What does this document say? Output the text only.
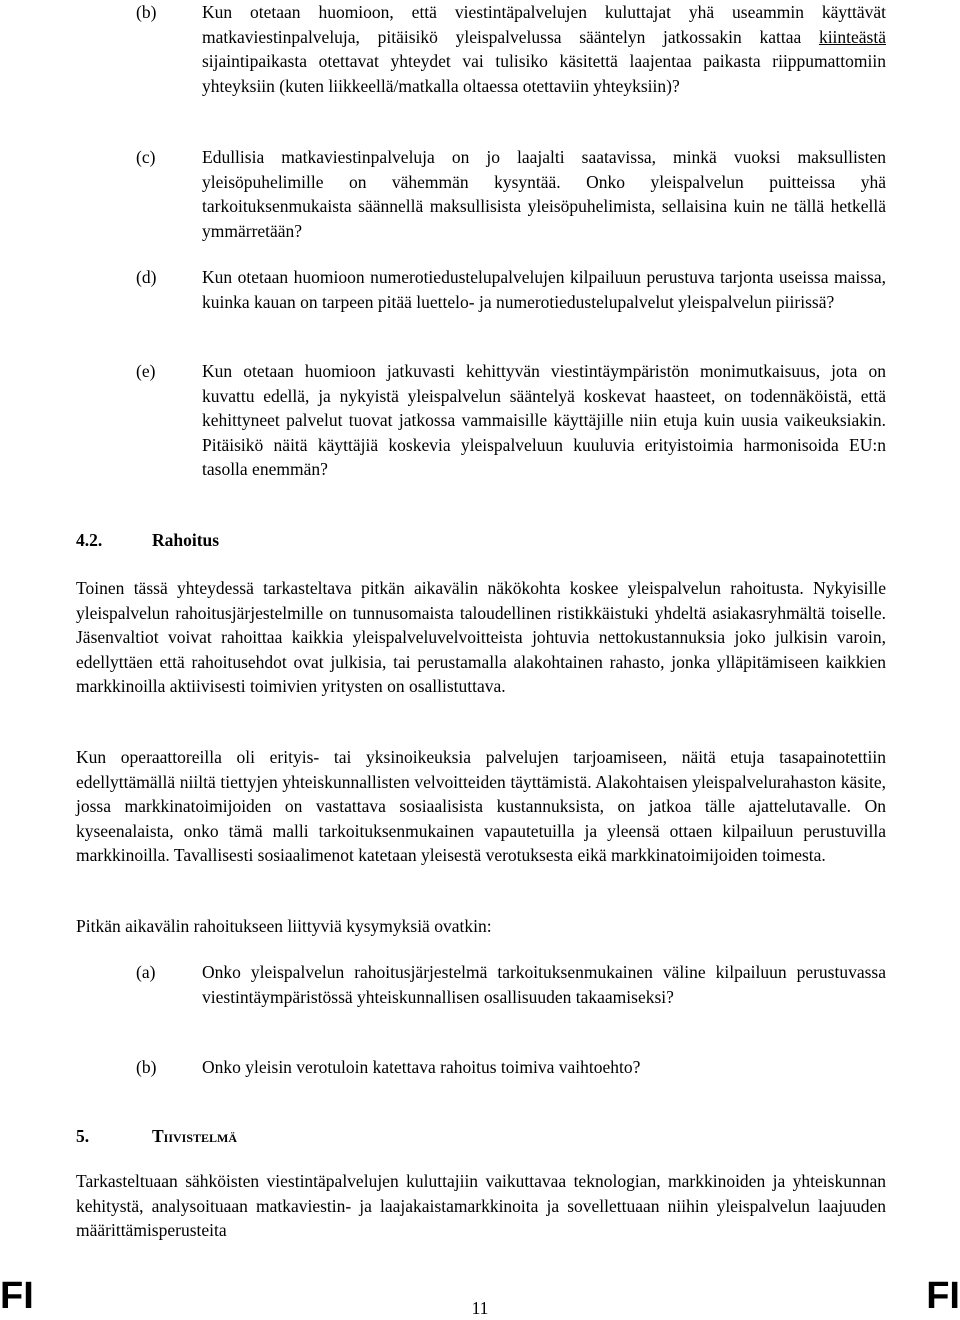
(b)	Kun otetaan huomioon, että viestintäpalvelujen kuluttajat yhä useammin käyttävät matkaviestinpalveluja, pitäisikö yleispalvelussa sääntelyn jatkossakin kattaa kiinteästä sijaintipaikasta otettavat yhteydet vai tulisiko käsitettä laajentaa paikasta riippumattomiin yhteyksiin (kuten liikkeellä/matkalla oltaessa otettaviin yhteyksiin)?
(c)	Edullisia matkaviestinpalveluja on jo laajalti saatavissa, minkä vuoksi maksullisten yleisöpuhelimille on vähemmän kysyntää. Onko yleispalvelun puitteissa yhä tarkoituksenmukaista säännellä maksullisista yleisöpuhelimista, sellaisina kuin ne tällä hetkellä ymmärretään?
(d)	Kun otetaan huomioon numerotiedustelupalvelujen kilpailuun perustuva tarjonta useissa maissa, kuinka kauan on tarpeen pitää luettelo- ja numerotiedustelupalvelut yleispalvelun piirissä?
(e)	Kun otetaan huomioon jatkuvasti kehittyvän viestintäympäristön monimutkaisuus, jota on kuvattu edellä, ja nykyistä yleispalvelun sääntelyä koskevat haasteet, on todennäköistä, että kehittyneet palvelut tuovat jatkossa vammaisille käyttäjille niin etuja kuin uusia vaikeuksiakin. Pitäisikö näitä käyttäjiä koskevia yleispalveluun kuuluvia erityistoimia harmonisoida EU:n tasolla enemmän?
4.2.	Rahoitus
Toinen tässä yhteydessä tarkasteltava pitkän aikavälin näkökohta koskee yleispalvelun rahoitusta. Nykyisille yleispalvelun rahoitusjärjestelmille on tunnusomaista taloudellinen ristikkäistuki yhdeltä asiakasryhmältä toiselle. Jäsenvaltiot voivat rahoittaa kaikkia yleispalveluvelvoitteista johtuvia nettokustannuksia joko julkisin varoin, edellyttäen että rahoitusehdot ovat julkisia, tai perustamalla alakohtainen rahasto, jonka ylläpitämiseen kaikkien markkinoilla aktiivisesti toimivien yritysten on osallistuttava.
Kun operaattoreilla oli erityis- tai yksinoikeuksia palvelujen tarjoamiseen, näitä etuja tasapainotettiin edellyttämällä niiltä tiettyjen yhteiskunnallisten velvoitteiden täyttämistä. Alakohtaisen yleispalvelurahaston käsite, jossa markkinatoimijoiden on vastattava sosiaalisista kustannuksista, on jatkoa tälle ajattelutavalle. On kyseenalaista, onko tämä malli tarkoituksenmukainen vapautetuilla ja yleensä ottaen kilpailuun perustuvilla markkinoilla. Tavallisesti sosiaalimenot katetaan yleisestä verotuksesta eikä markkinatoimijoiden toimesta.
Pitkän aikavälin rahoitukseen liittyviä kysymyksiä ovatkin:
(a)	Onko yleispalvelun rahoitusjärjestelmä tarkoituksenmukainen väline kilpailuun perustuvassa viestintäympäristössä yhteiskunnallisen osallisuuden takaamiseksi?
(b)	Onko yleisin verotuloin katettava rahoitus toimiva vaihtoehto?
5.	Tiivistelmä
Tarkasteltuaan sähköisten viestintäpalvelujen kuluttajiin vaikuttavaa teknologian, markkinoiden ja yhteiskunnan kehitystä, analysoituaan matkaviestin- ja laajakaistamarkkinoita ja sovellettuaan niihin yleispalvelun laajuuden määrittämisperusteita
FI	11	FI
